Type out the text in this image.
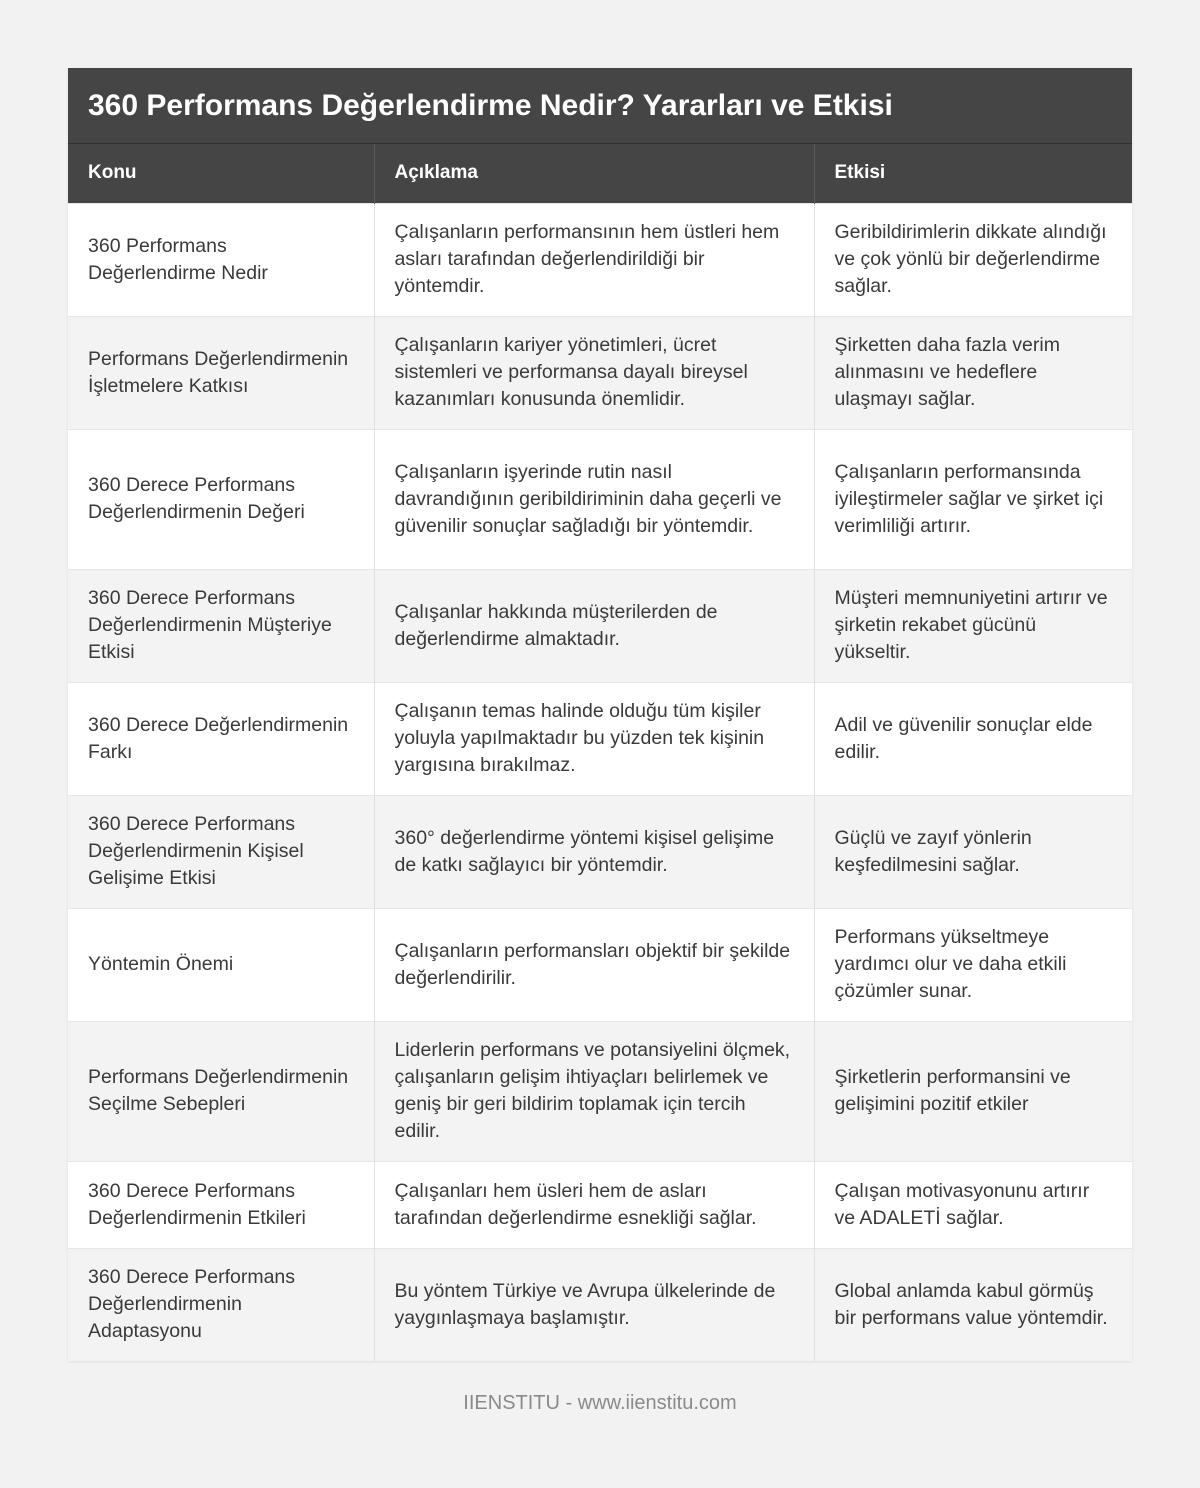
360 Performans Değerlendirme Nedir? Yararları ve Etkisi
Konu	Açıklama	Etkisi
360 Performans Değerlendirme Nedir	Çalışanların performansının hem üstleri hem asları tarafından değerlendirildiği bir yöntemdir.	Geribildirimlerin dikkate alındığı ve çok yönlü bir değerlendirme sağlar.
Performans Değerlendirmenin İşletmelere Katkısı	Çalışanların kariyer yönetimleri, ücret sistemleri ve performansa dayalı bireysel kazanımları konusunda önemlidir.	Şirketten daha fazla verim alınmasını ve hedeflere ulaşmayı sağlar.
360 Derece Performans Değerlendirmenin Değeri	Çalışanların işyerinde rutin nasıl davrandığının geribildiriminin daha geçerli ve güvenilir sonuçlar sağladığı bir yöntemdir.	Çalışanların performansında iyileştirmeler sağlar ve şirket içi verimliliği artırır.
360 Derece Performans Değerlendirmenin Müşteriye Etkisi	Çalışanlar hakkında müşterilerden de değerlendirme almaktadır.	Müşteri memnuniyetini artırır ve şirketin rekabet gücünü yükseltir.
360 Derece Değerlendirmenin Farkı	Çalışanın temas halinde olduğu tüm kişiler yoluyla yapılmaktadır bu yüzden tek kişinin yargısına bırakılmaz.	Adil ve güvenilir sonuçlar elde edilir.
360 Derece Performans Değerlendirmenin Kişisel Gelişime Etkisi	360° değerlendirme yöntemi kişisel gelişime de katkı sağlayıcı bir yöntemdir.	Güçlü ve zayıf yönlerin keşfedilmesini sağlar.
Yöntemin Önemi	Çalışanların performansları objektif bir şekilde değerlendirilir.	Performans yükseltmeye yardımcı olur ve daha etkili çözümler sunar.
Performans Değerlendirmenin Seçilme Sebepleri	Liderlerin performans ve potansiyelini ölçmek, çalışanların gelişim ihtiyaçları belirlemek ve geniş bir geri bildirim toplamak için tercih edilir.	Şirketlerin performansini ve gelişimini pozitif etkiler
360 Derece Performans Değerlendirmenin Etkileri	Çalışanları hem üsleri hem de asları tarafından değerlendirme esnekliği sağlar.	Çalışan motivasyonunu artırır ve ADALETİ sağlar.
360 Derece Performans Değerlendirmenin Adaptasyonu	Bu yöntem Türkiye ve Avrupa ülkelerinde de yaygınlaşmaya başlamıştır.	Global anlamda kabul görmüş bir performans value yöntemdir.
IIENSTITU - www.iienstitu.com
